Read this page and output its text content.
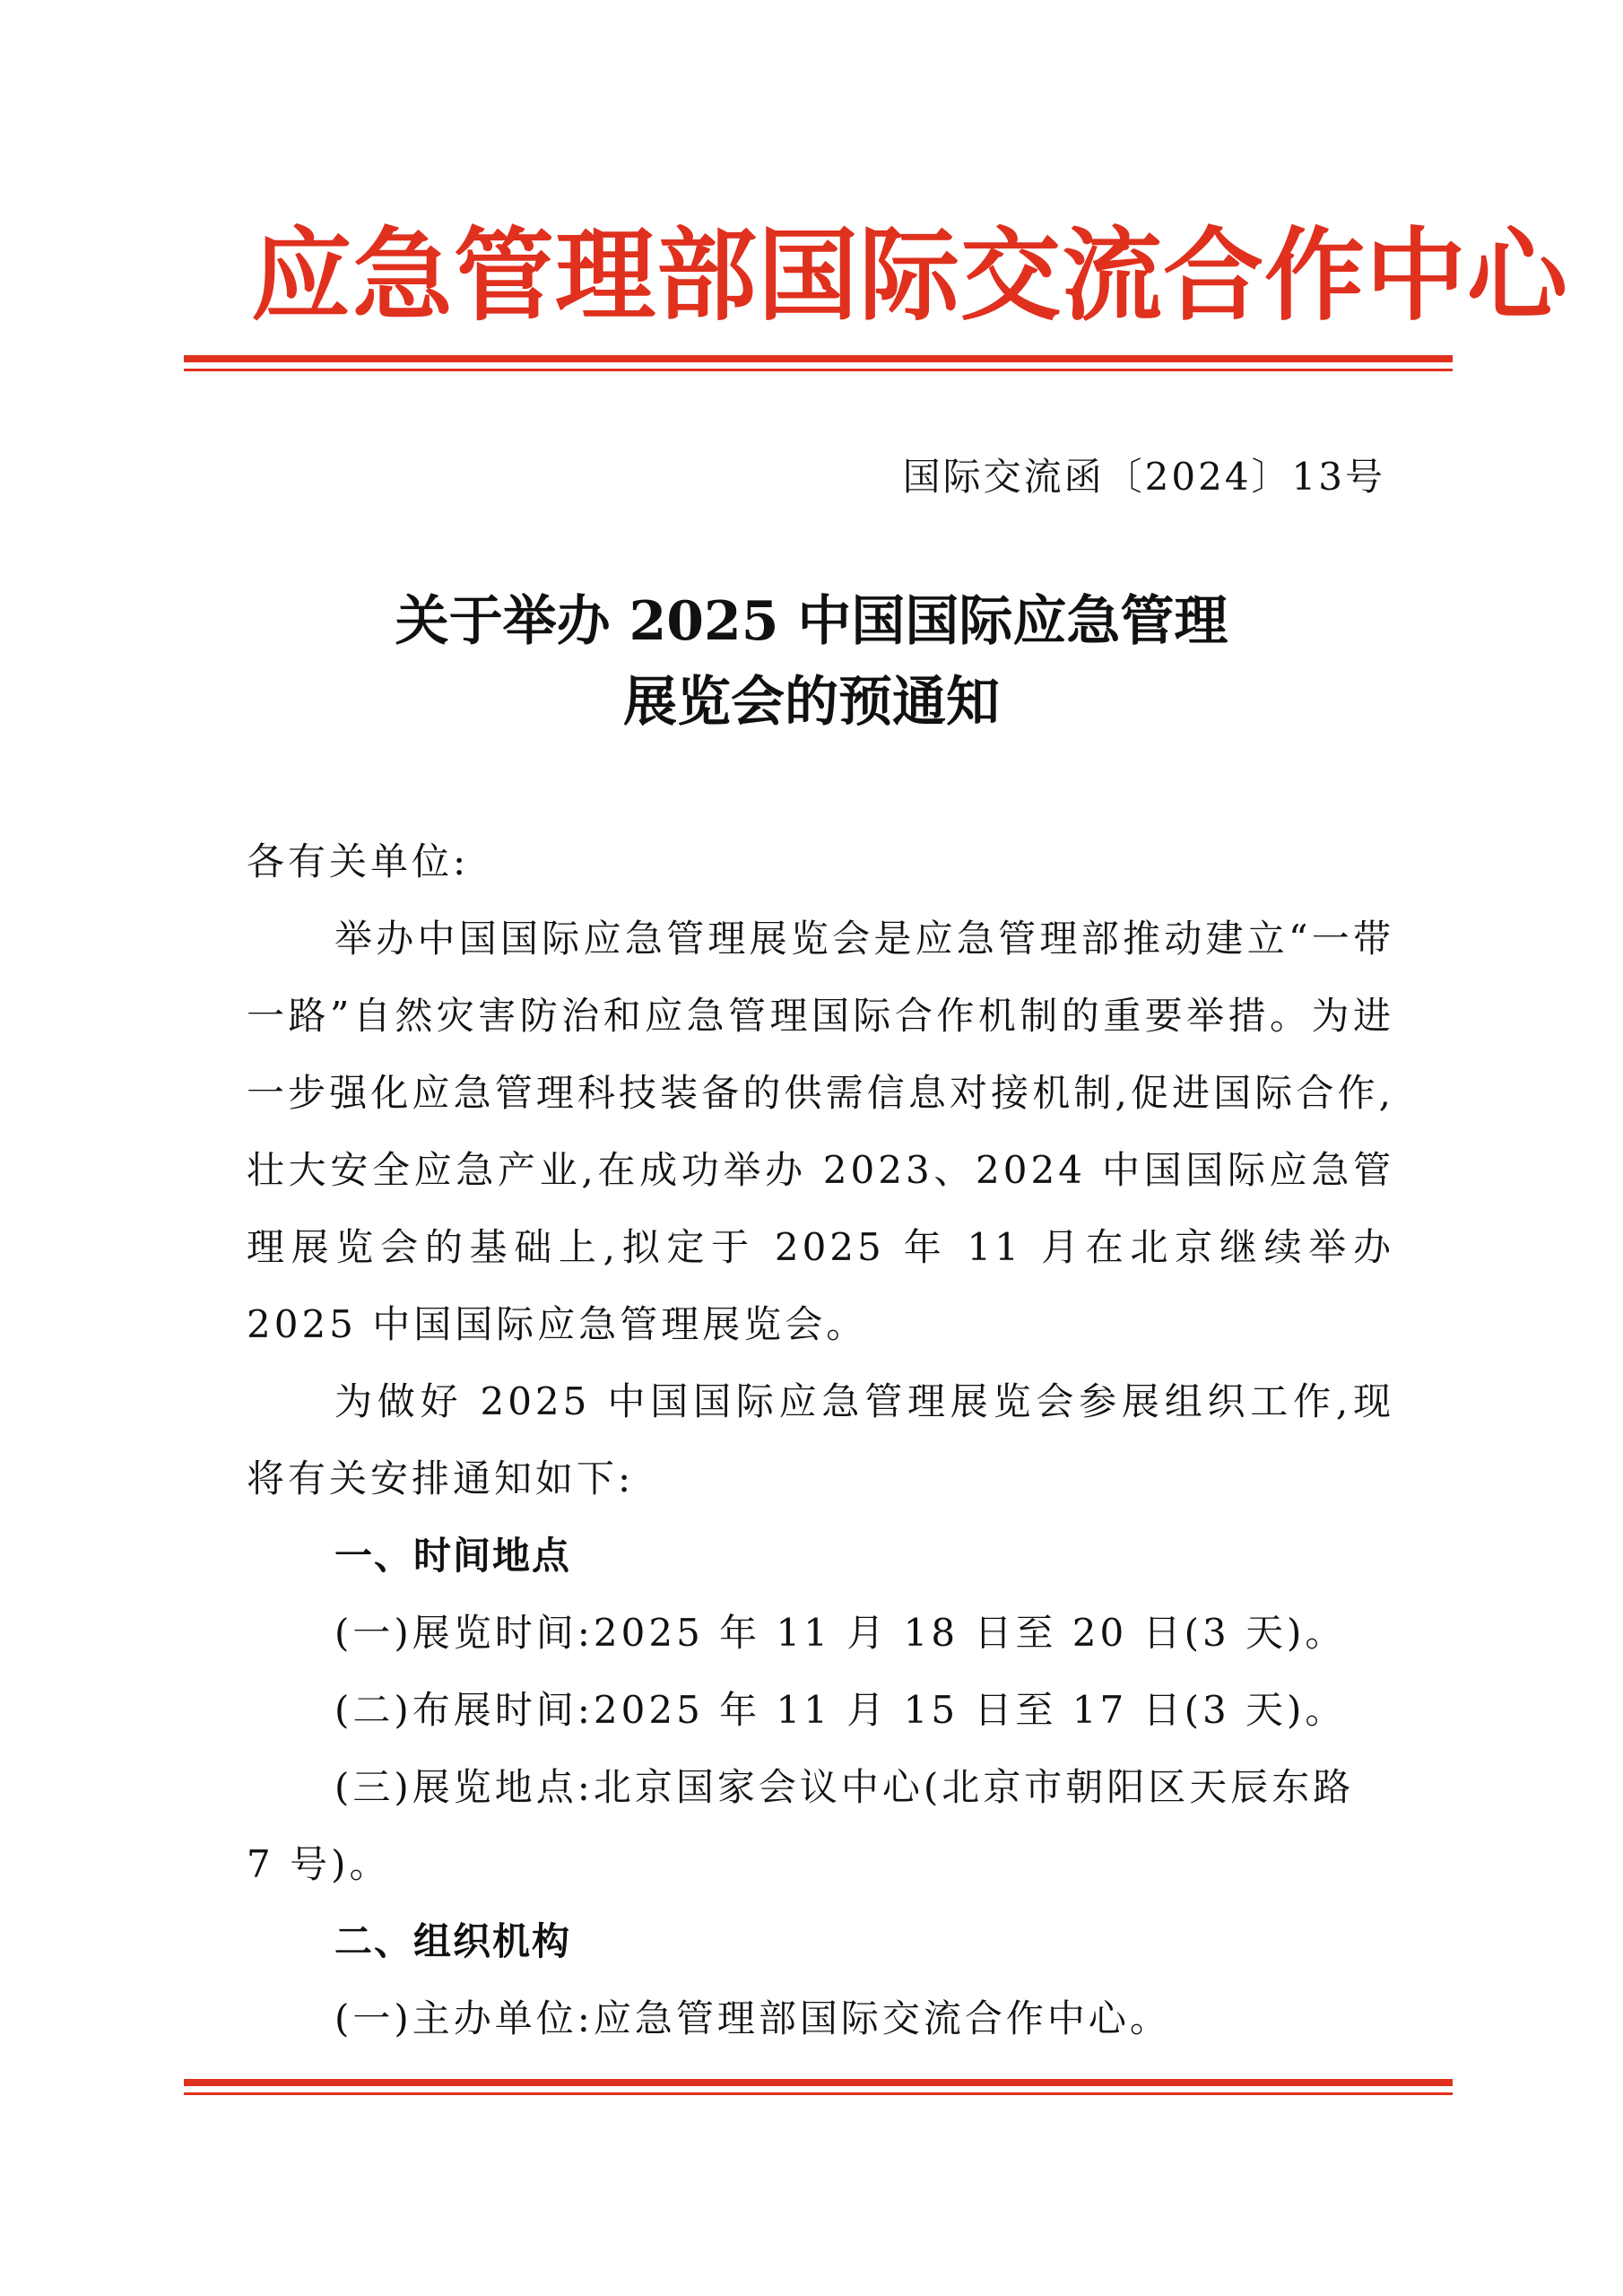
应急管理部国际交流合作中心
国际交流函〔2024〕13号
关于举办 2025 中国国际应急管理
展览会的预通知
各有关单位:
举办中国国际应急管理展览会是应急管理部推动建立“一带一路”自然灾害防治和应急管理国际合作机制的重要举措。为进一步强化应急管理科技装备的供需信息对接机制,促进国际合作,壮大安全应急产业,在成功举办 2023、2024 中国国际应急管理展览会的基础上,拟定于 2025 年 11 月在北京继续举办 2025 中国国际应急管理展览会。
为做好 2025 中国国际应急管理展览会参展组织工作,现将有关安排通知如下:
一、时间地点
(一)展览时间:2025 年 11 月 18 日至 20 日(3 天)。
(二)布展时间:2025 年 11 月 15 日至 17 日(3 天)。
(三)展览地点:北京国家会议中心(北京市朝阳区天辰东路 7 号)。
二、组织机构
(一)主办单位:应急管理部国际交流合作中心。
